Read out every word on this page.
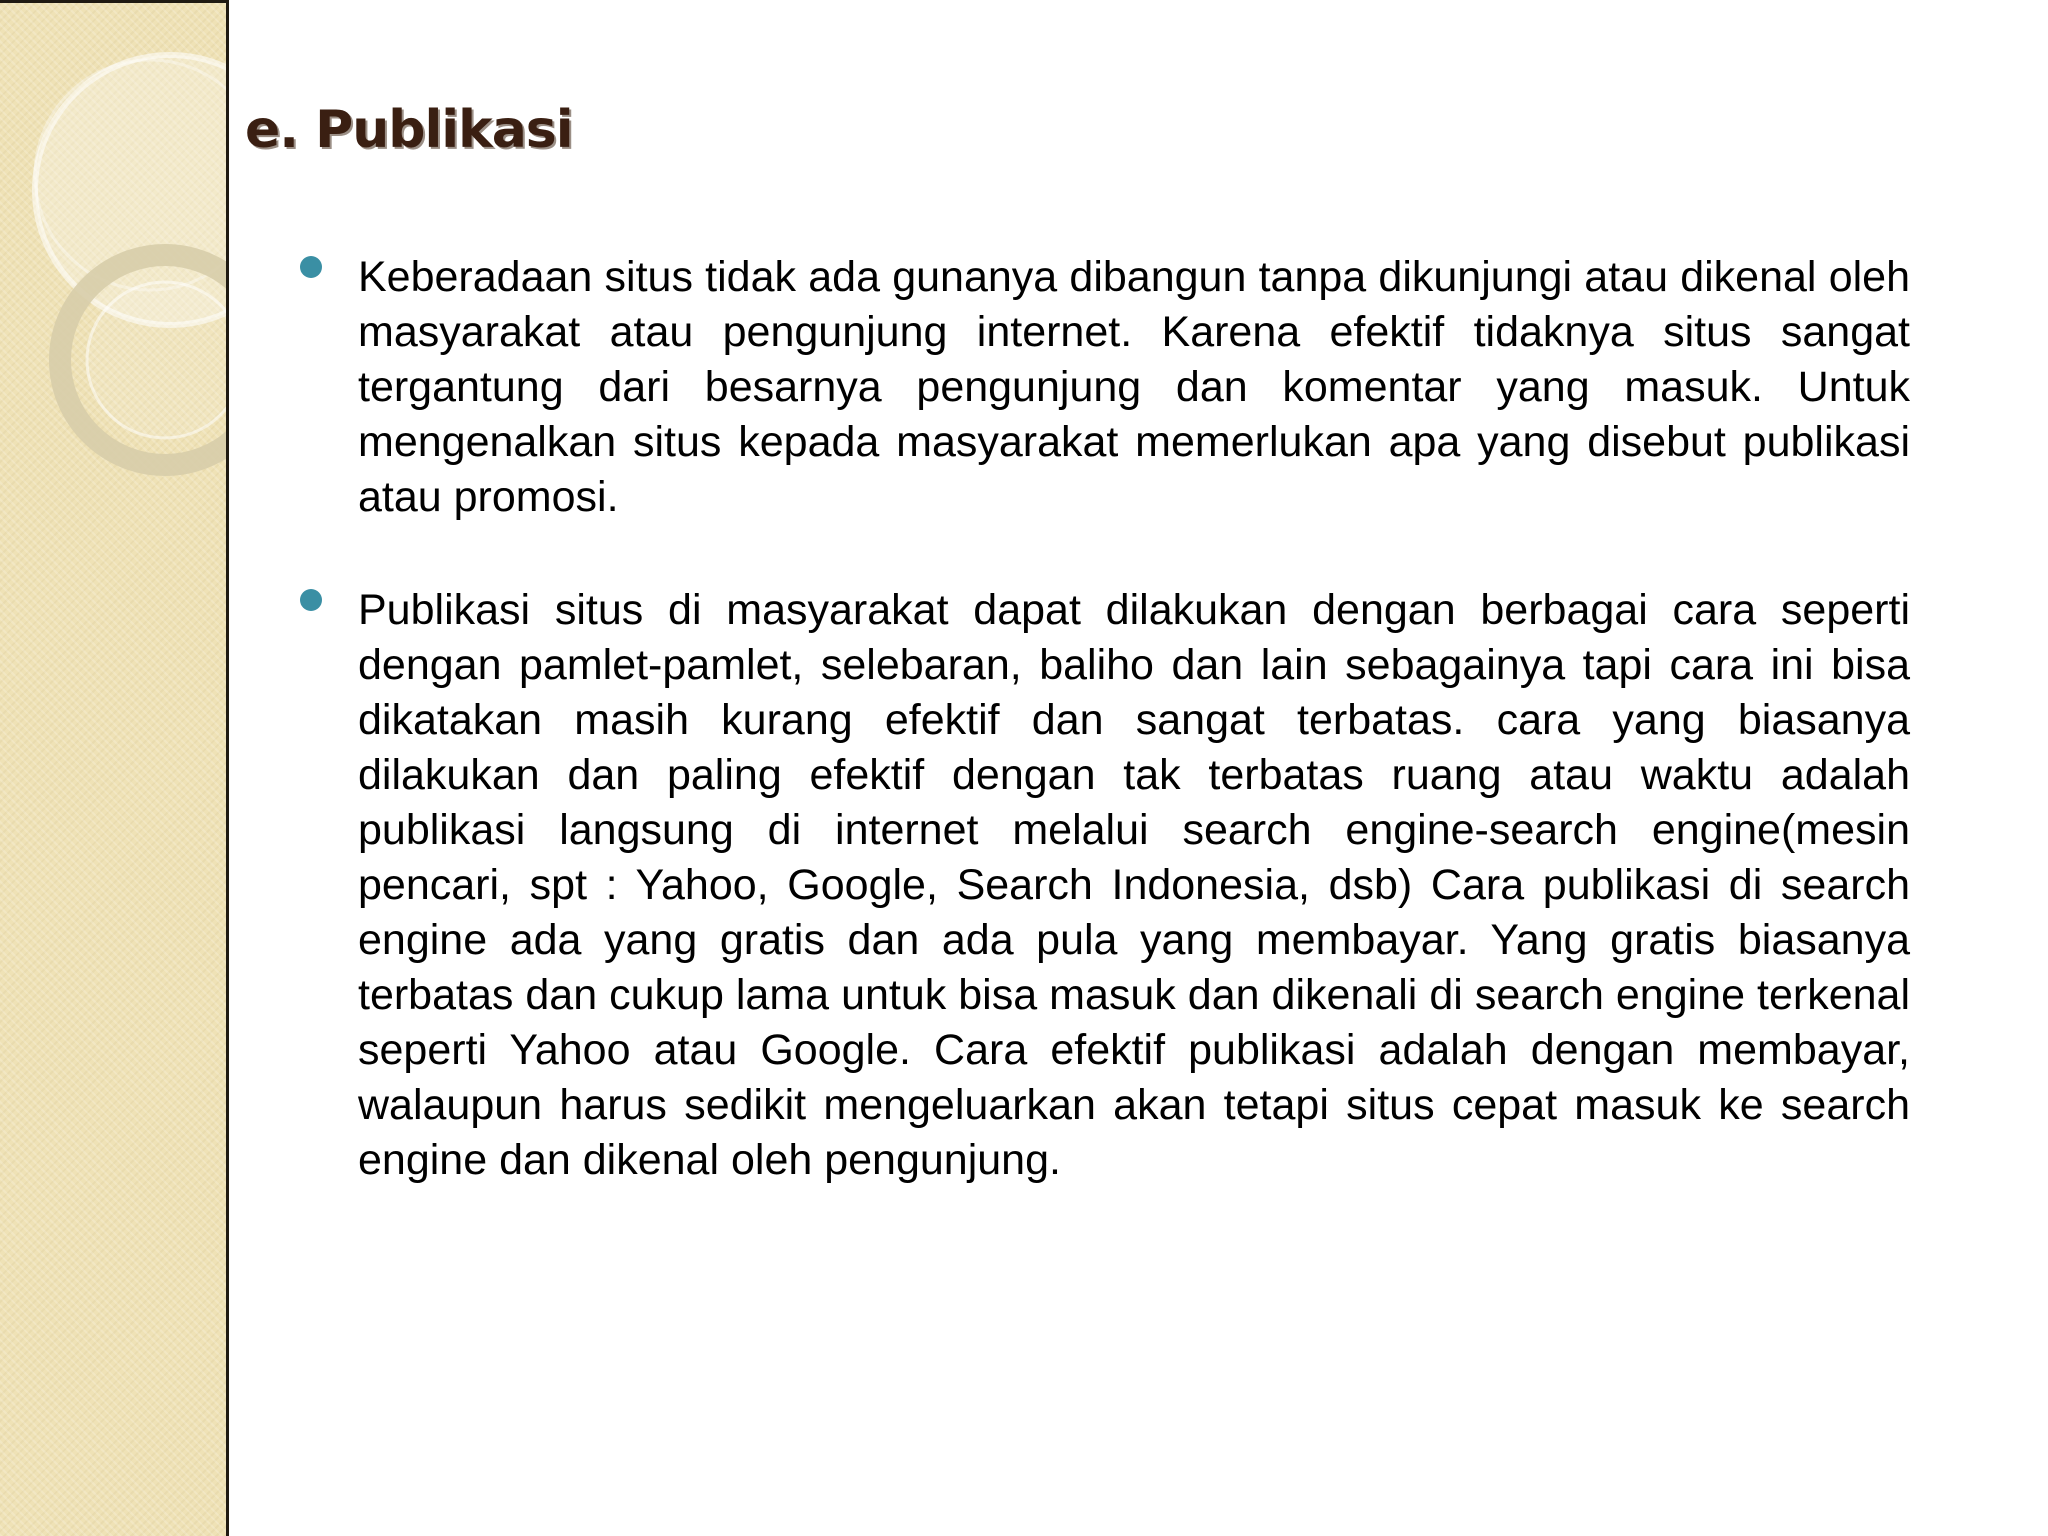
e. Publikasi
Keberadaan situs tidak ada gunanya dibangun tanpa dikunjungi atau dikenal oleh masyarakat atau pengunjung internet. Karena efektif tidaknya situs sangat tergantung dari besarnya pengunjung dan komentar yang masuk. Untuk mengenalkan situs kepada masyarakat memerlukan apa yang disebut publikasi atau promosi.
Publikasi situs di masyarakat dapat dilakukan dengan berbagai cara seperti dengan pamlet-pamlet, selebaran, baliho dan lain sebagainya tapi cara ini bisa dikatakan masih kurang efektif dan sangat terbatas. cara yang biasanya dilakukan dan paling efektif dengan tak terbatas ruang atau waktu adalah publikasi langsung di internet melalui search engine-search engine(mesin pencari, spt : Yahoo, Google, Search Indonesia, dsb) Cara publikasi di search engine ada yang gratis dan ada pula yang membayar. Yang gratis biasanya terbatas dan cukup lama untuk bisa masuk dan dikenali di search engine terkenal seperti Yahoo atau Google. Cara efektif publikasi adalah dengan membayar, walaupun harus sedikit mengeluarkan akan tetapi situs cepat masuk ke search engine dan dikenal oleh pengunjung.
